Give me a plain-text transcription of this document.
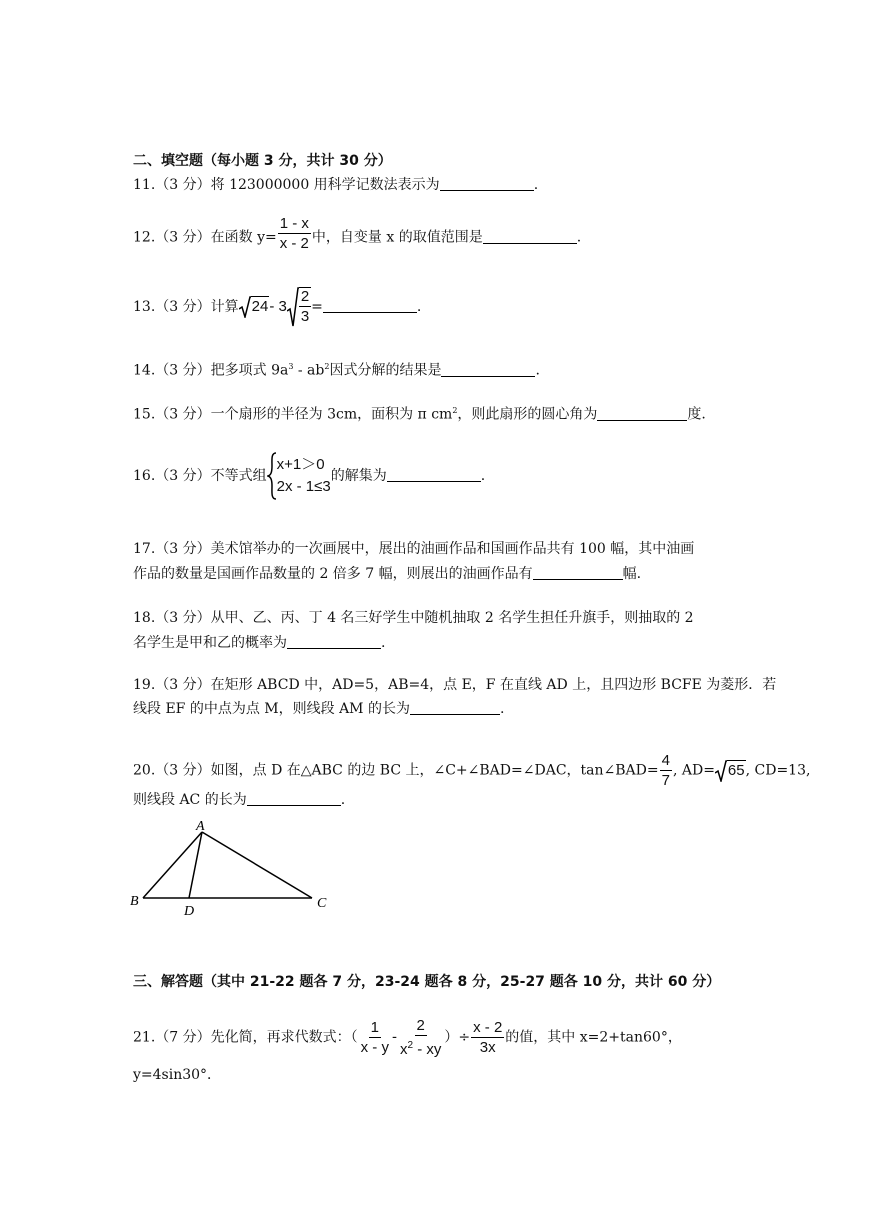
二、填空题（每小题 3 分，共计 30 分）
11.（3 分）将 123000000 用科学记数法表示为	.
12.（3 分）在函数 $y= \frac{1 - x}{x - 2}$ 中，自变量 x 的取值范围是	.
13.（3 分）计算 $24 - 3 \frac{2}{3}$ =	.
14.（3 分）把多项式 $9a^3 - ab^2$因式分解的结果是	.
15.（3 分）一个扇形的半径为 3cm，面积为 π $cm^2$，则此扇形的圆心角为	度.
16.（3 分）不等式组
x+1＞0
2x - 1≤3
的解集为	.
17.（3 分）美术馆举办的一次画展中，展出的油画作品和国画作品共有 100 幅，其中油画
作品的数量是国画作品数量的 2 倍多 7 幅，则展出的油画作品有	幅.
18.（3 分）从甲、乙、丙、丁 4 名三好学生中随机抽取 2 名学生担任升旗手，则抽取的 2
名学生是甲和乙的概率为	.
19.（3 分）在矩形 ABCD 中，AD=5，AB=4，点 E，F 在直线 AD 上，且四边形 BCFE 为菱形．若
线段 EF 的中点为点 M，则线段 AM 的长为	.
20.（3 分）如图，点 D 在△ABC 的边 BC 上，∠C+∠BAD=∠DAC，tan∠BAD= $\frac{4}{7}$ , AD= 65 , CD=13,
则线段 AC 的长为	.
A
B
D
C
三、解答题（其中 21-22 题各 7 分，23-24 题各 8 分，25-27 题各 10 分，共计 60 分）
21.（7 分）先化简，再求代数式：（ $\frac{1}{x - y} - \frac{2}{x^2 - xy}$ ）÷ $\frac{x - 2}{3x}$ 的值，其中 x=2+tan60°，
y=4sin30°．
